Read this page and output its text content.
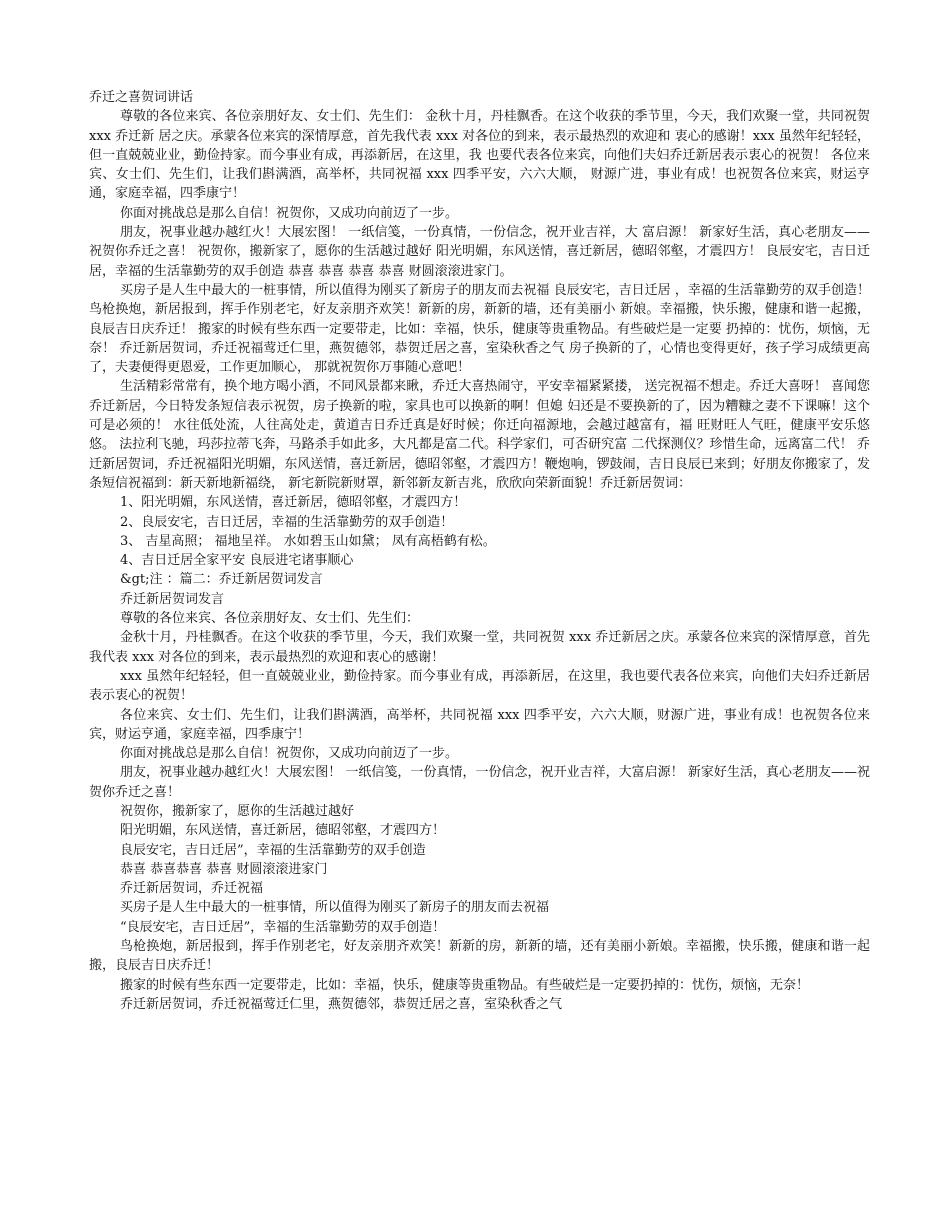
乔迁之喜贺词讲话

尊敬的各位来宾、各位亲朋好友、女士们、先生们： 金秋十月，丹桂飘香。在这个收获的季节里，今天，我们欢聚一堂，共同祝贺 xxx 乔迁新 居之庆。承蒙各位来宾的深情厚意，首先我代表 xxx 对各位的到来，表示最热烈的欢迎和 衷心的感谢！xxx 虽然年纪轻轻，但一直兢兢业业，勤俭持家。而今事业有成，再添新居，在这里，我 也要代表各位来宾，向他们夫妇乔迁新居表示衷心的祝贺！ 各位来宾、女士们、先生们，让我们斟满酒，高举杯，共同祝福 xxx 四季平安，六六大顺， 财源广进，事业有成！也祝贺各位来宾，财运亨通，家庭幸福，四季康宁！

你面对挑战总是那么自信！祝贺你，又成功向前迈了一步。

朋友，祝事业越办越红火！大展宏图！ 一纸信笺，一份真情，一份信念，祝开业吉祥，大 富启源！ 新家好生活，真心老朋友——祝贺你乔迁之喜！ 祝贺你，搬新家了，愿你的生活越过越好 阳光明媚，东风送情，喜迁新居，德昭邻壑，才震四方！ 良辰安宅，吉日迁居，幸福的生活靠勤劳的双手创造 恭喜 恭喜 恭喜 恭喜 财圆滚滚进家门。

买房子是人生中最大的一桩事情，所以值得为刚买了新房子的朋友而去祝福 良辰安宅，吉日迁居 ，幸福的生活靠勤劳的双手创造！ 鸟枪换炮，新居报到，挥手作别老宅，好友亲朋齐欢笑！新新的房，新新的墙，还有美丽小 新娘。幸福搬，快乐搬，健康和谐一起搬，良辰吉日庆乔迁！ 搬家的时候有些东西一定要带走，比如：幸福，快乐，健康等贵重物品。有些破烂是一定要 扔掉的：忧伤，烦恼，无奈！ 乔迁新居贺词，乔迁祝福莺迁仁里，燕贺德邻，恭贺迁居之喜，室染秋香之气 房子换新的了，心情也变得更好，孩子学习成绩更高了，夫妻便得更恩爱，工作更加顺心， 那就祝贺你万事随心意吧！

生活精彩常常有，换个地方喝小酒，不同风景都来瞅，乔迁大喜热闹守，平安幸福紧紧搂， 送完祝福不想走。乔迁大喜呀！ 喜闻您乔迁新居，今日特发条短信表示祝贺，房子换新的啦，家具也可以换新的啊！但媳 妇还是不要换新的了，因为糟糠之妻不下课嘛！这个可是必须的！ 水往低处流，人往高处走，黄道吉日乔迁真是好时候；你迁向福源地，会越过越富有，福 旺财旺人气旺，健康平安乐悠悠。 法拉利飞驰，玛莎拉蒂飞奔，马路杀手如此多，大凡都是富二代。科学家们，可否研究富 二代探测仪？珍惜生命，远离富二代！ 乔迁新居贺词，乔迁祝福阳光明媚，东风送情，喜迁新居，德昭邻壑，才震四方！鞭炮响，锣鼓闹，吉日良辰已来到；好朋友你搬家了，发条短信祝福到：新天新地新福绕， 新宅新院新财罩，新邻新友新吉兆，欣欣向荣新面貌！乔迁新居贺词：

1、阳光明媚，东风送情，喜迁新居，德昭邻壑，才震四方！

2、良辰安宅，吉日迁居，幸福的生活靠勤劳的双手创造！

3、 吉星高照； 福地呈祥。 水如碧玉山如黛； 凤有高梧鹤有松。

4、吉日迁居全家平安 良辰进宅诸事顺心

&gt;注 ：篇二：乔迁新居贺词发言

乔迁新居贺词发言

尊敬的各位来宾、各位亲朋好友、女士们、先生们：

金秋十月，丹桂飘香。在这个收获的季节里，今天，我们欢聚一堂，共同祝贺 xxx 乔迁新居之庆。承蒙各位来宾的深情厚意，首先我代表 xxx 对各位的到来，表示最热烈的欢迎和衷心的感谢！

xxx 虽然年纪轻轻，但一直兢兢业业，勤俭持家。而今事业有成，再添新居，在这里，我也要代表各位来宾，向他们夫妇乔迁新居表示衷心的祝贺！

各位来宾、女士们、先生们，让我们斟满酒，高举杯，共同祝福 xxx 四季平安，六六大顺，财源广进，事业有成！也祝贺各位来宾，财运亨通，家庭幸福，四季康宁！

你面对挑战总是那么自信！祝贺你，又成功向前迈了一步。

朋友，祝事业越办越红火！大展宏图！ 一纸信笺，一份真情，一份信念，祝开业吉祥，大富启源！ 新家好生活，真心老朋友——祝贺你乔迁之喜！

祝贺你，搬新家了，愿你的生活越过越好

阳光明媚，东风送情，喜迁新居，德昭邻壑，才震四方！

良辰安宅，吉日迁居”，幸福的生活靠勤劳的双手创造

恭喜 恭喜恭喜 恭喜 财圆滚滚进家门

乔迁新居贺词，乔迁祝福

买房子是人生中最大的一桩事情，所以值得为刚买了新房子的朋友而去祝福

“良辰安宅，吉日迁居”，幸福的生活靠勤劳的双手创造！

鸟枪换炮，新居报到，挥手作别老宅，好友亲朋齐欢笑！新新的房，新新的墙，还有美丽小新娘。幸福搬，快乐搬，健康和谐一起搬，良辰吉日庆乔迁！

搬家的时候有些东西一定要带走，比如：幸福，快乐，健康等贵重物品。有些破烂是一定要扔掉的：忧伤，烦恼，无奈！

乔迁新居贺词，乔迁祝福莺迁仁里，燕贺德邻，恭贺迁居之喜，室染秋香之气
